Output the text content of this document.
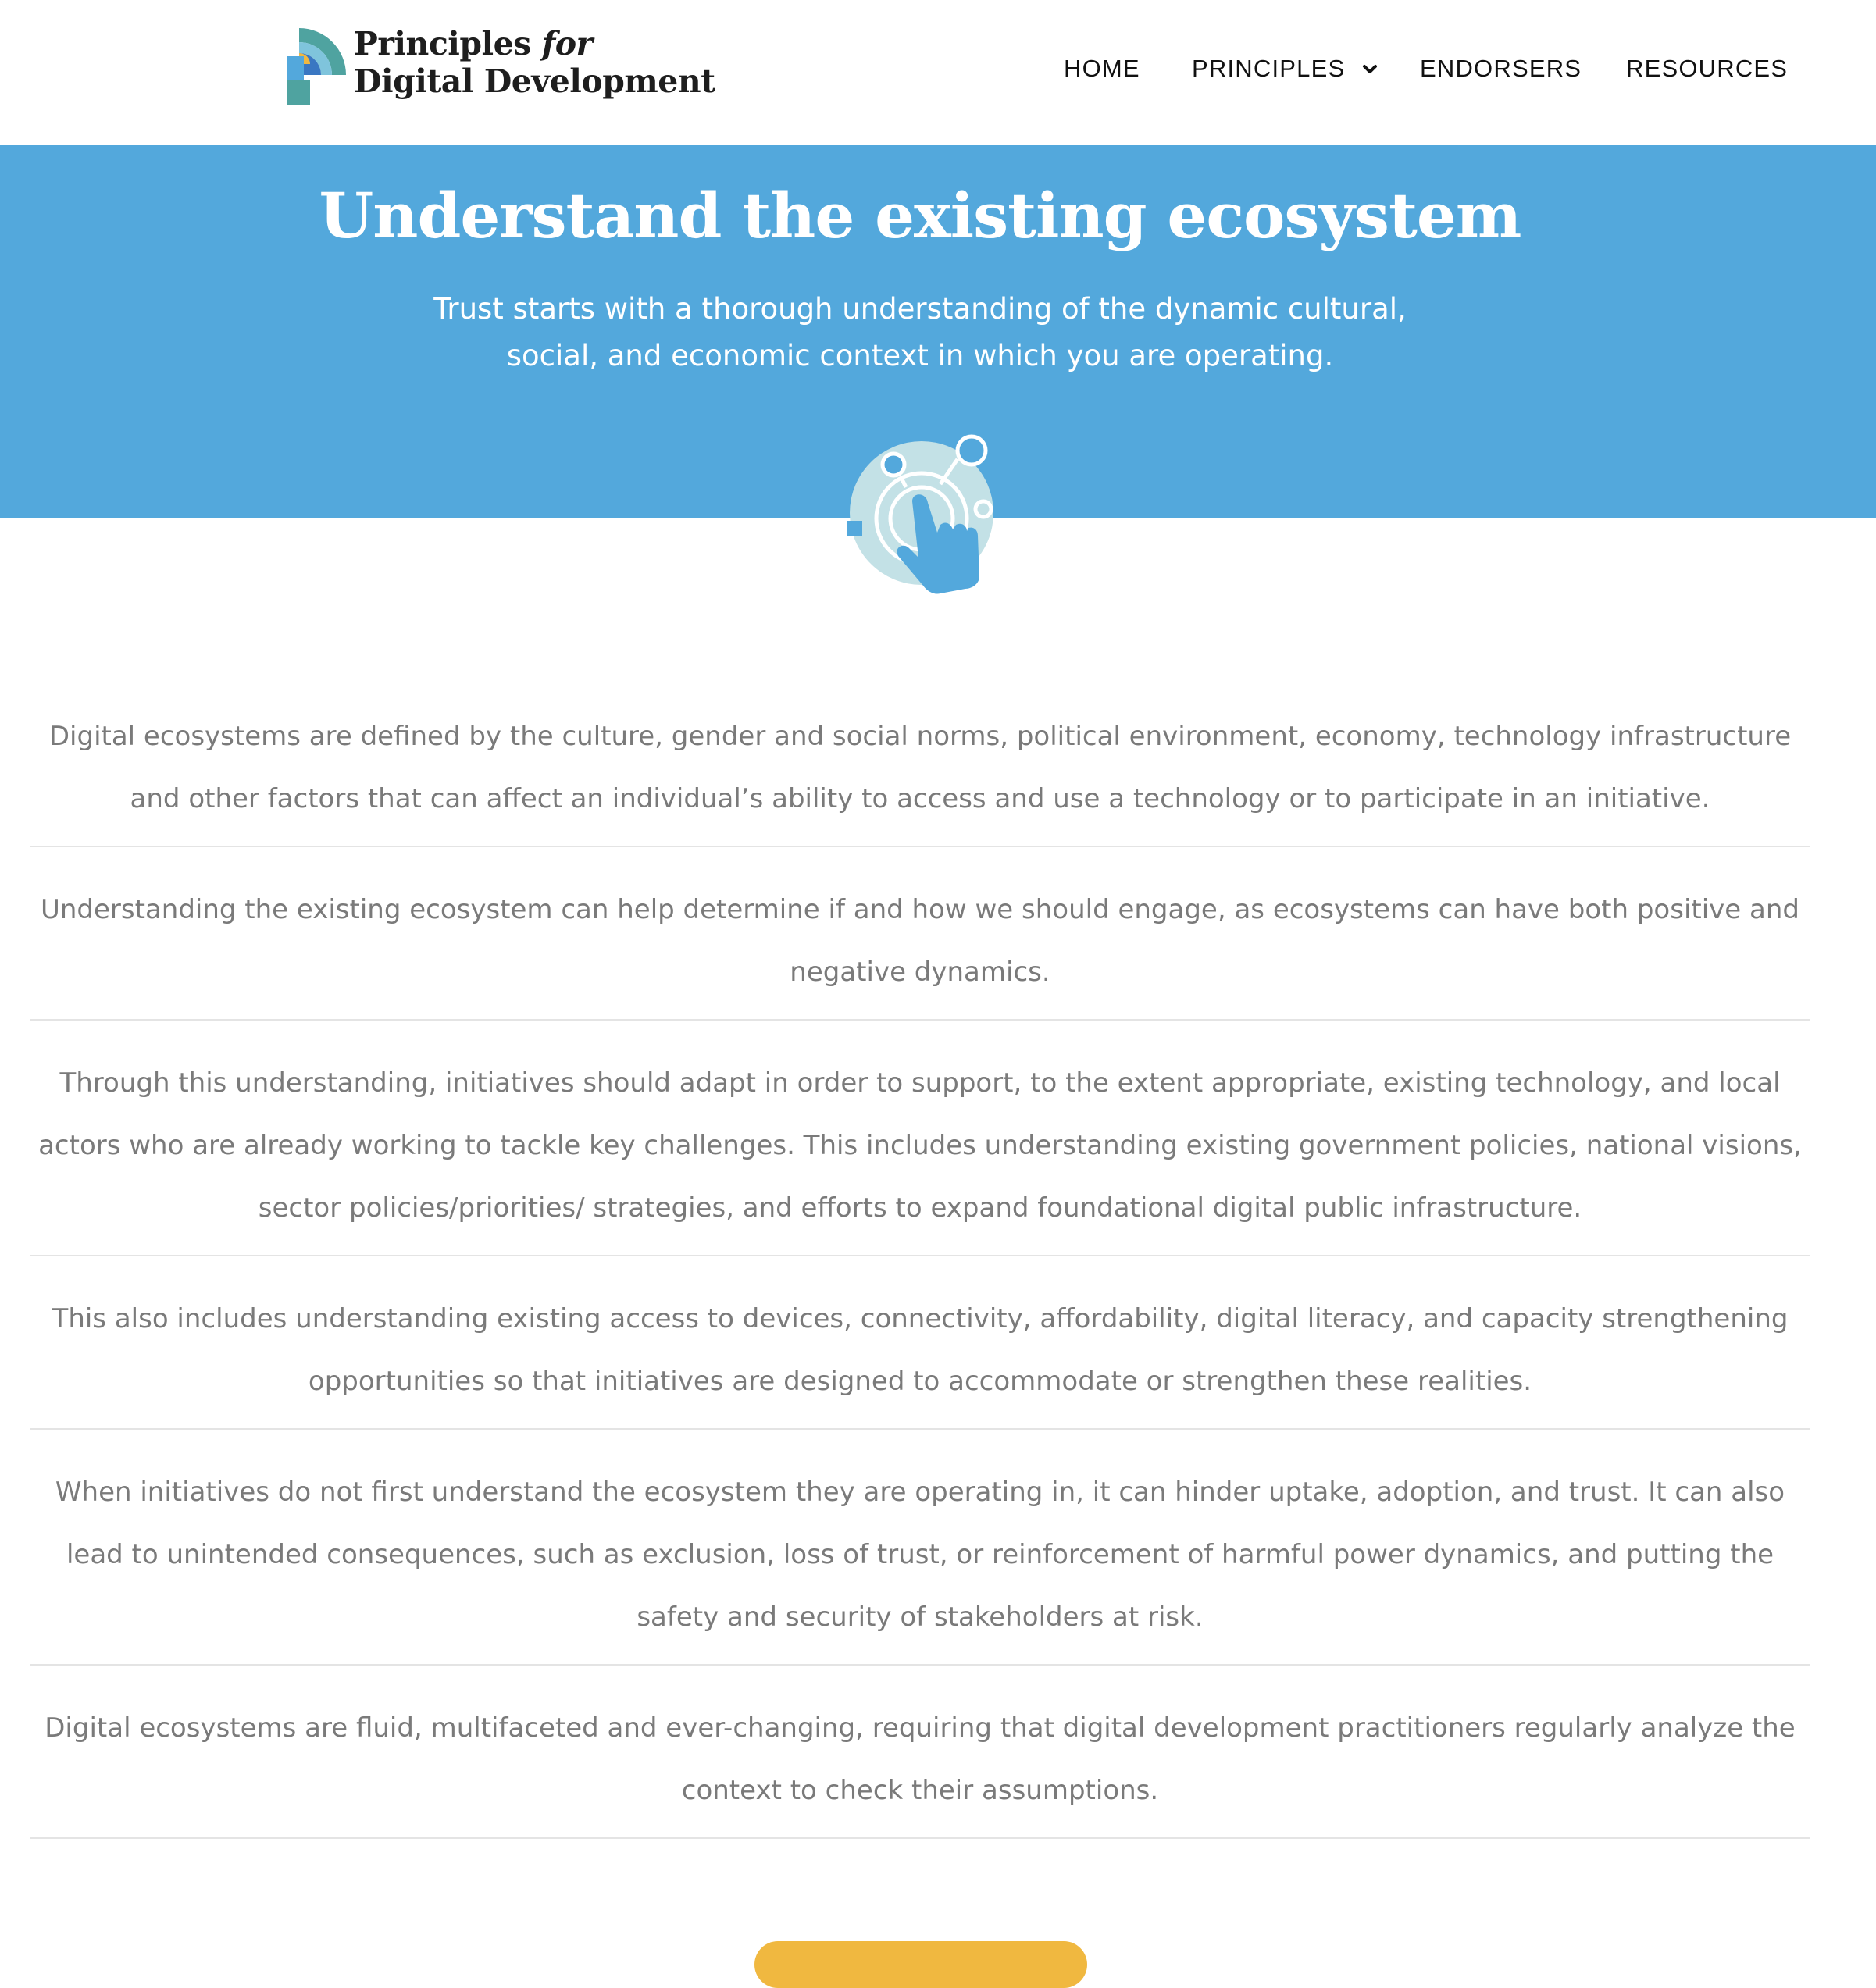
Principles for
Digital Development	HOME PRINCIPLES	ENDORSERS RESOURCES
Understand the existing ecosystem
Trust starts with a thorough understanding of the dynamic cultural,
social, and economic context in which you are operating.

Digital ecosystems are defined by the culture, gender and social norms, political environment, economy, technology infrastructure and other factors that can affect an individual’s ability to access and use a technology or to participate in an initiative.

Understanding the existing ecosystem can help determine if and how we should engage, as ecosystems can have both positive and negative dynamics.

Through this understanding, initiatives should adapt in order to support, to the extent appropriate, existing technology, and local actors who are already working to tackle key challenges. This includes understanding existing government policies, national visions, sector policies/priorities/ strategies, and efforts to expand foundational digital public infrastructure.

This also includes understanding existing access to devices, connectivity, affordability, digital literacy, and capacity strengthening opportunities so that initiatives are designed to accommodate or strengthen these realities.

When initiatives do not first understand the ecosystem they are operating in, it can hinder uptake, adoption, and trust. It can also lead to unintended consequences, such as exclusion, loss of trust, or reinforcement of harmful power dynamics, and putting the safety and security of stakeholders at risk.

Digital ecosystems are fluid, multifaceted and ever-changing, requiring that digital development practitioners regularly analyze the context to check their assumptions.
